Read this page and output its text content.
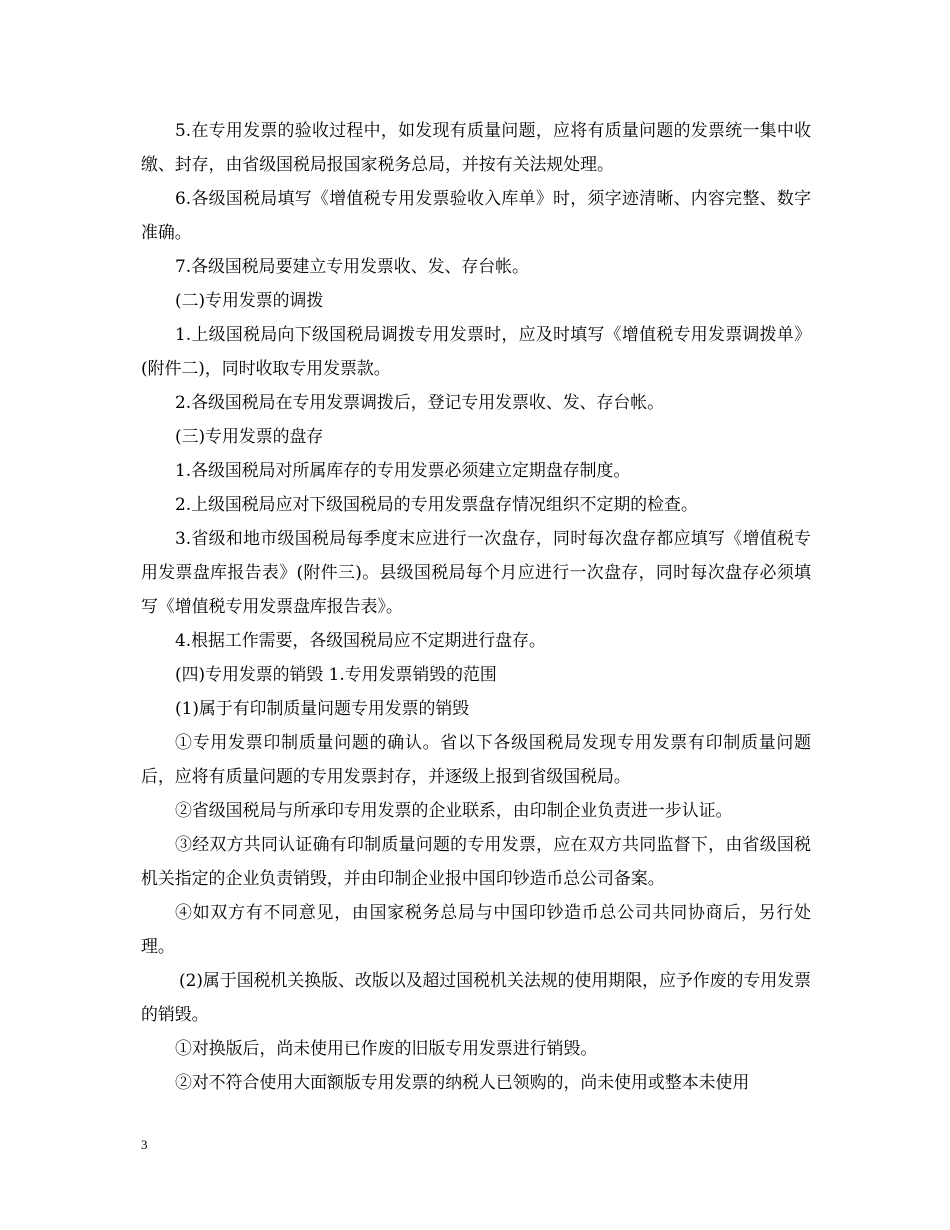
5.在专用发票的验收过程中，如发现有质量问题，应将有质量问题的发票统一集中收缴、封存，由省级国税局报国家税务总局，并按有关法规处理。

6.各级国税局填写《增值税专用发票验收入库单》时，须字迹清晰、内容完整、数字准确。

7.各级国税局要建立专用发票收、发、存台帐。

(二)专用发票的调拨

1.上级国税局向下级国税局调拨专用发票时，应及时填写《增值税专用发票调拨单》(附件二)，同时收取专用发票款。

2.各级国税局在专用发票调拨后，登记专用发票收、发、存台帐。

(三)专用发票的盘存

1.各级国税局对所属库存的专用发票必须建立定期盘存制度。

2.上级国税局应对下级国税局的专用发票盘存情况组织不定期的检查。

3.省级和地市级国税局每季度末应进行一次盘存，同时每次盘存都应填写《增值税专用发票盘库报告表》(附件三)。县级国税局每个月应进行一次盘存，同时每次盘存必须填写《增值税专用发票盘库报告表》。

4.根据工作需要，各级国税局应不定期进行盘存。

(四)专用发票的销毁 1.专用发票销毁的范围

(1)属于有印制质量问题专用发票的销毁

①专用发票印制质量问题的确认。省以下各级国税局发现专用发票有印制质量问题后，应将有质量问题的专用发票封存，并逐级上报到省级国税局。

②省级国税局与所承印专用发票的企业联系，由印制企业负责进一步认证。

③经双方共同认证确有印制质量问题的专用发票，应在双方共同监督下，由省级国税机关指定的企业负责销毁，并由印制企业报中国印钞造币总公司备案。

④如双方有不同意见，由国家税务总局与中国印钞造币总公司共同协商后，另行处理。

(2)属于国税机关换版、改版以及超过国税机关法规的使用期限，应予作废的专用发票的销毁。

①对换版后，尚未使用已作废的旧版专用发票进行销毁。

②对不符合使用大面额版专用发票的纳税人已领购的，尚未使用或整本未使用

3
